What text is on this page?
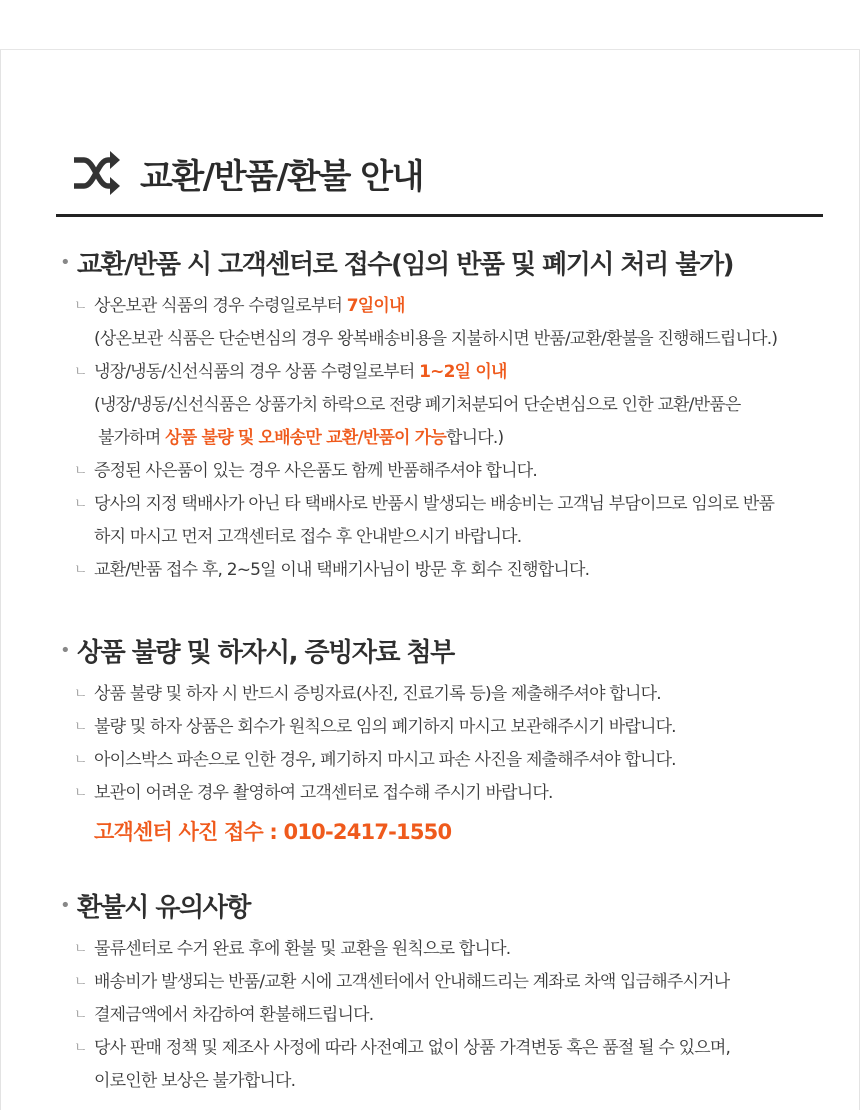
교환/반품/환불 안내
• 교환/반품 시 고객센터로 접수(임의 반품 및 폐기시 처리 불가)
ㄴ 상온보관 식품의 경우 수령일로부터 7일이내
(상온보관 식품은 단순변심의 경우 왕복배송비용을 지불하시면 반품/교환/환불을 진행해드립니다.)
ㄴ 냉장/냉동/신선식품의 경우 상품 수령일로부터 1~2일 이내
(냉장/냉동/신선식품은 상품가치 하락으로 전량 폐기처분되어 단순변심으로 인한 교환/반품은
불가하며 상품 불량 및 오배송만 교환/반품이 가능합니다.)
ㄴ 증정된 사은품이 있는 경우 사은품도 함께 반품해주셔야 합니다.
ㄴ 당사의 지정 택배사가 아닌 타 택배사로 반품시 발생되는 배송비는 고객님 부담이므로 임의로 반품
하지 마시고 먼저 고객센터로 접수 후 안내받으시기 바랍니다.
ㄴ 교환/반품 접수 후, 2~5일 이내 택배기사님이 방문 후 회수 진행합니다.
• 상품 불량 및 하자시, 증빙자료 첨부
ㄴ 상품 불량 및 하자 시 반드시 증빙자료(사진, 진료기록 등)을 제출해주셔야 합니다.
ㄴ 불량 및 하자 상품은 회수가 원칙으로 임의 폐기하지 마시고 보관해주시기 바랍니다.
ㄴ 아이스박스 파손으로 인한 경우, 폐기하지 마시고 파손 사진을 제출해주셔야 합니다.
ㄴ 보관이 어려운 경우 촬영하여 고객센터로 접수해 주시기 바랍니다.
고객센터 사진 접수 : 010-2417-1550
• 환불시 유의사항
ㄴ 물류센터로 수거 완료 후에 환불 및 교환을 원칙으로 합니다.
ㄴ 배송비가 발생되는 반품/교환 시에 고객센터에서 안내해드리는 계좌로 차액 입금해주시거나
ㄴ 결제금액에서 차감하여 환불해드립니다.
ㄴ 당사 판매 정책 및 제조사 사정에 따라 사전예고 없이 상품 가격변동 혹은 품절 될 수 있으며,
이로인한 보상은 불가합니다.
